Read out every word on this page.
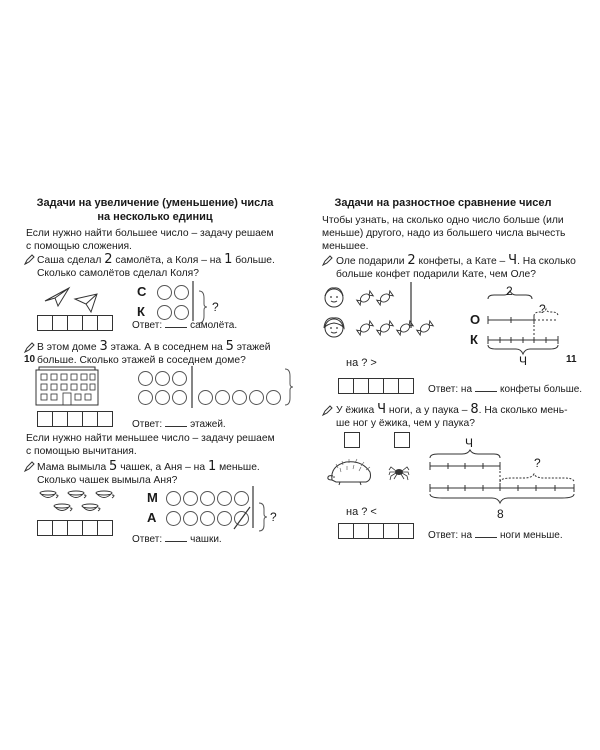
Задачи на увеличение (уменьшение) числа
на несколько единиц
Если нужно найти большее число – задачу решаем
с помощью сложения.
Саша сделал 2 самолёта, а Коля – на 1 больше.
Сколько самолётов сделал Коля?
С
К	?
Ответ:	самолёта.
В этом доме 3 этажа. А в соседнем на 5 этажей
больше. Сколько этажей в соседнем доме?
Ответ:	этажей.
Если нужно найти меньшее число – задачу решаем
с помощью вычитания.
Мама вымыла 5 чашек, а Аня – на 1 меньше.
Сколько чашек вымыла Аня?
М
А	?
Ответ:	чашки.
10
Задачи на разностное сравнение чисел
Чтобы узнать, на сколько одно число больше (или
меньше) другого, надо из большего числа вычесть
меньшее.
Оле подарили 2 конфеты, а Кате – Ч. На сколько
больше конфет подарили Кате, чем Оле?
О
К
2
?
Ч
на ? >
Ответ: на	конфеты больше.
У ёжика Ч ноги, а у паука – 8. На сколько мень-
ше ног у ёжика, чем у паука?
Ч
?
8
на ? <
Ответ: на	ноги меньше.
11
